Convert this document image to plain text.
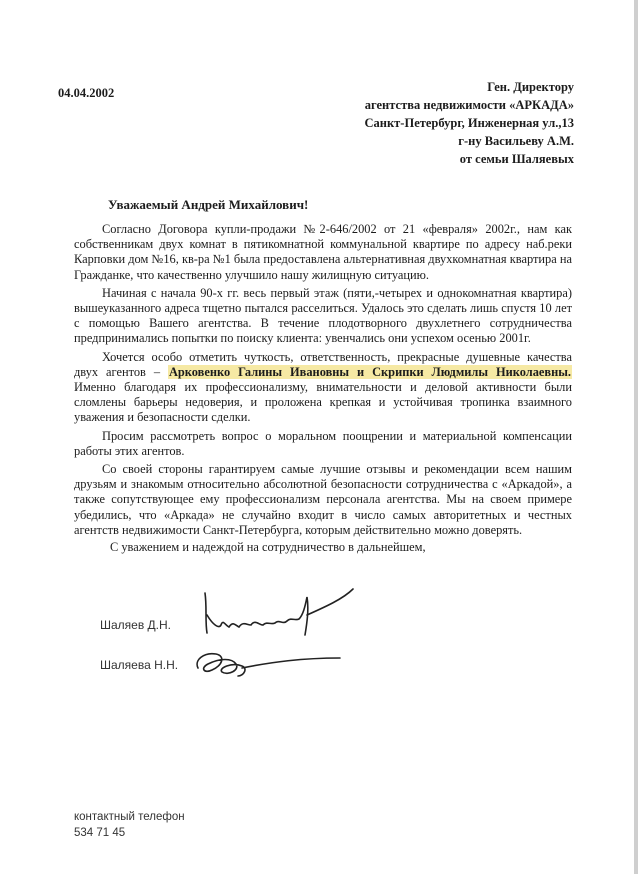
04.04.2002	Ген. Директору
агентства недвижимости «АРКАДА»
Санкт-Петербург, Инженерная ул.,13
г-ну Васильеву А.М.
от семьи Шаляевых
Уважаемый Андрей Михайлович!

Согласно Договора купли-продажи №2-646/2002 от 21 «февраля» 2002г., нам как собственникам двух комнат в пятикомнатной коммунальной квартире по адресу наб.реки Карповки дом №16, кв-ра №1 была предоставлена альтернативная двухкомнатная квартира на Гражданке, что качественно улучшило нашу жилищную ситуацию.

Начиная с начала 90-х гг. весь первый этаж (пяти,-четырех и однокомнатная квартира) вышеуказанного адреса тщетно пытался расселиться. Удалось это сделать лишь спустя 10 лет с помощью Вашего агентства. В течение плодотворного двухлетнего сотрудничества предпринимались попытки по поиску клиента: увенчались они успехом осенью 2001г.

Хочется особо отметить чуткость, ответственность, прекрасные душевные качества двух агентов – Арковенко Галины Ивановны и Скрипки Людмилы Николаевны. Именно благодаря их профессионализму, внимательности и деловой активности были сломлены барьеры недоверия, и проложена крепкая и устойчивая тропинка взаимного уважения и безопасности сделки.

Просим рассмотреть вопрос о моральном поощрении и материальной компенсации работы этих агентов.

Со своей стороны гарантируем самые лучшие отзывы и рекомендации всем нашим друзьям и знакомым относительно абсолютной безопасности сотрудничества с «Аркадой», а также сопутствующее ему профессионализм персонала агентства. Мы на своем примере убедились, что «Аркада» не случайно входит в число самых авторитетных и честных агентств недвижимости Санкт-Петербурга, которым действительно можно доверять.

С уважением и надеждой на сотрудничество в дальнейшем,
Шаляев Д.Н.
Шаляева Н.Н.
контактный телефон
534 71 45
